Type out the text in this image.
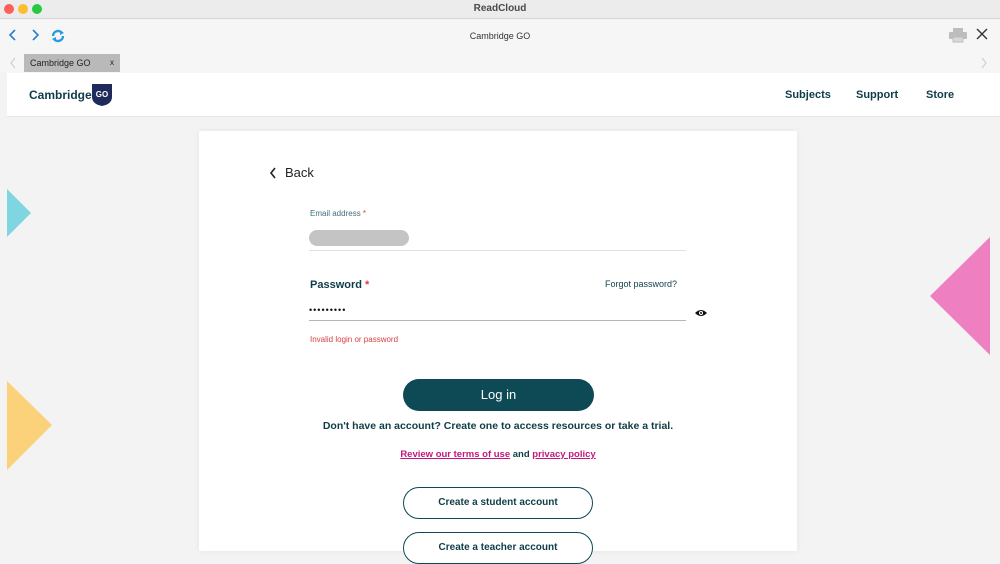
ReadCloud
Cambridge GO
Cambridge GO x
Cambridge GO	Subjects Support	Store
Back
Email address *
Password *	Forgot password?
•••••••••
Invalid login or password
Log in
Don't have an account? Create one to access resources or take a trial.
Review our terms of use and privacy policy
Create a student account
Create a teacher account
